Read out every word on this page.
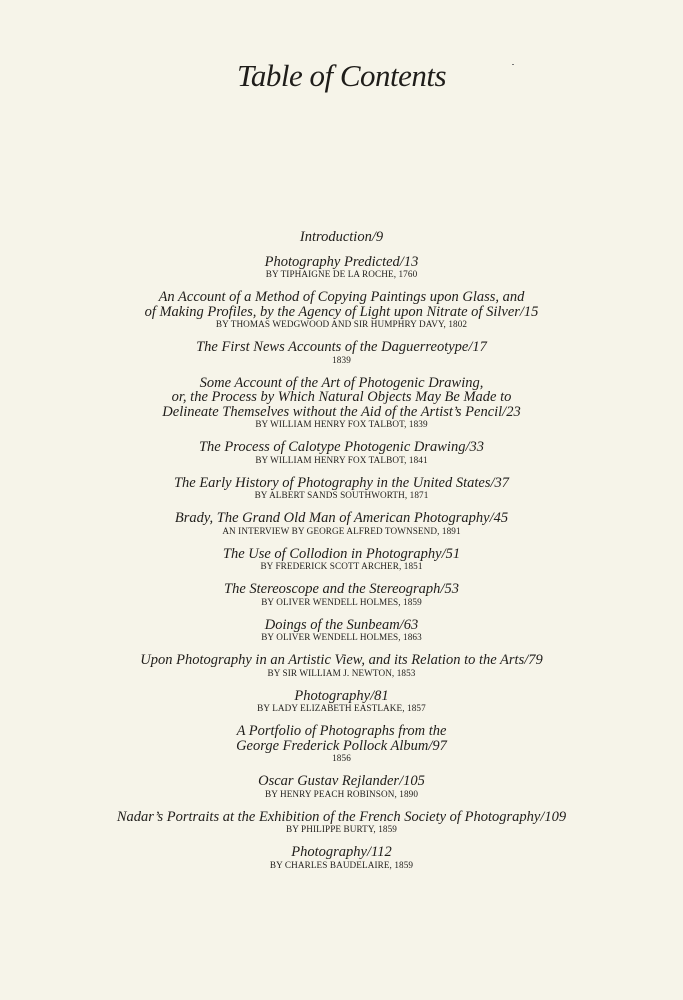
Table of Contents
Introduction/9
Photography Predicted/13
BY TIPHAIGNE DE LA ROCHE, 1760
An Account of a Method of Copying Paintings upon Glass, and
of Making Profiles, by the Agency of Light upon Nitrate of Silver/15
BY THOMAS WEDGWOOD AND SIR HUMPHRY DAVY, 1802
The First News Accounts of the Daguerreotype/17
1839
Some Account of the Art of Photogenic Drawing,
or, the Process by Which Natural Objects May Be Made to
Delineate Themselves without the Aid of the Artist’s Pencil/23
BY WILLIAM HENRY FOX TALBOT, 1839
The Process of Calotype Photogenic Drawing/33
BY WILLIAM HENRY FOX TALBOT, 1841
The Early History of Photography in the United States/37
BY ALBERT SANDS SOUTHWORTH, 1871
Brady, The Grand Old Man of American Photography/45
AN INTERVIEW BY GEORGE ALFRED TOWNSEND, 1891
The Use of Collodion in Photography/51
BY FREDERICK SCOTT ARCHER, 1851
The Stereoscope and the Stereograph/53
BY OLIVER WENDELL HOLMES, 1859
Doings of the Sunbeam/63
BY OLIVER WENDELL HOLMES, 1863
Upon Photography in an Artistic View, and its Relation to the Arts/79
BY SIR WILLIAM J. NEWTON, 1853
Photography/81
BY LADY ELIZABETH EASTLAKE, 1857
A Portfolio of Photographs from the
George Frederick Pollock Album/97
1856
Oscar Gustav Rejlander/105
BY HENRY PEACH ROBINSON, 1890
Nadar’s Portraits at the Exhibition of the French Society of Photography/109
BY PHILIPPE BURTY, 1859
Photography/112
BY CHARLES BAUDELAIRE, 1859
